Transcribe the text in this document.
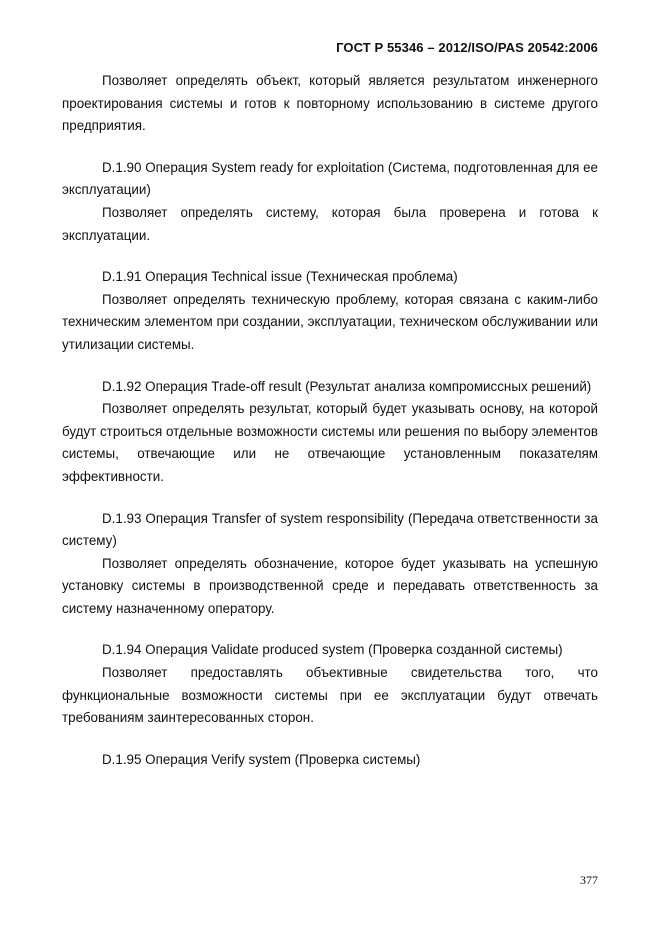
ГОСТ Р 55346 – 2012/ISO/PAS 20542:2006

Позволяет определять объект, который является результатом инженерного проектирования системы и готов к повторному использованию в системе другого предприятия.

D.1.90 Операция System ready for exploitation (Система, подготовленная для ее эксплуатации)

Позволяет определять систему, которая была проверена и готова к эксплуатации.

D.1.91 Операция Technical issue (Техническая проблема)

Позволяет определять техническую проблему, которая связана с каким-либо техническим элементом при создании, эксплуатации, техническом обслуживании или утилизации системы.

D.1.92 Операция Trade-off result (Результат анализа компромиссных решений)

Позволяет определять результат, который будет указывать основу, на которой будут строиться отдельные возможности системы или решения по выбору элементов системы, отвечающие или не отвечающие установленным показателям эффективности.

D.1.93 Операция Transfer of system responsibility (Передача ответственности за систему)

Позволяет определять обозначение, которое будет указывать на успешную установку системы в производственной среде и передавать ответственность за систему назначенному оператору.

D.1.94 Операция Validate produced system (Проверка созданной системы)

Позволяет предоставлять объективные свидетельства того, что функциональные возможности системы при ее эксплуатации будут отвечать требованиям заинтересованных сторон.

D.1.95 Операция Verify system (Проверка системы)

377
